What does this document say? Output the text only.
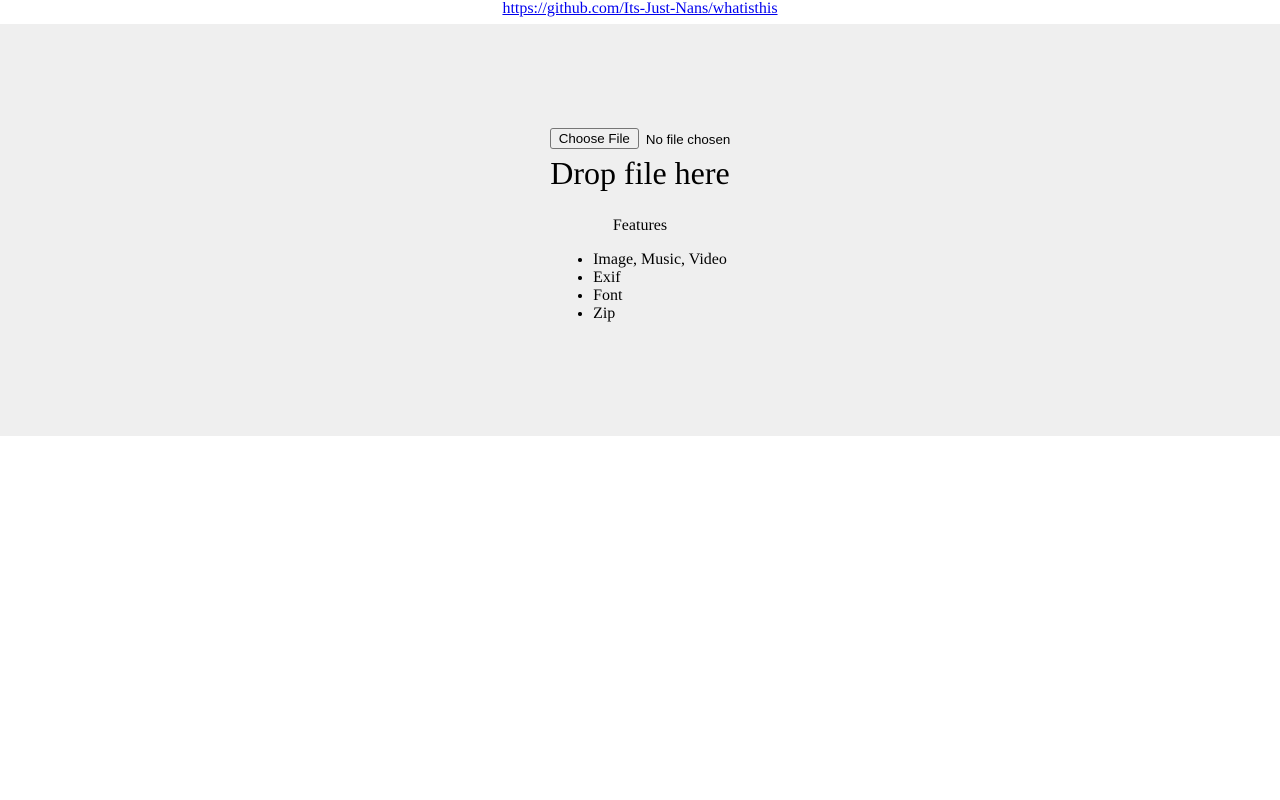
https://github.com/Its-Just-Nans/whatisthis
Choose File No file chosen
Drop file here

Features

• Image, Music, Video
• Exif
• Font
• Zip
